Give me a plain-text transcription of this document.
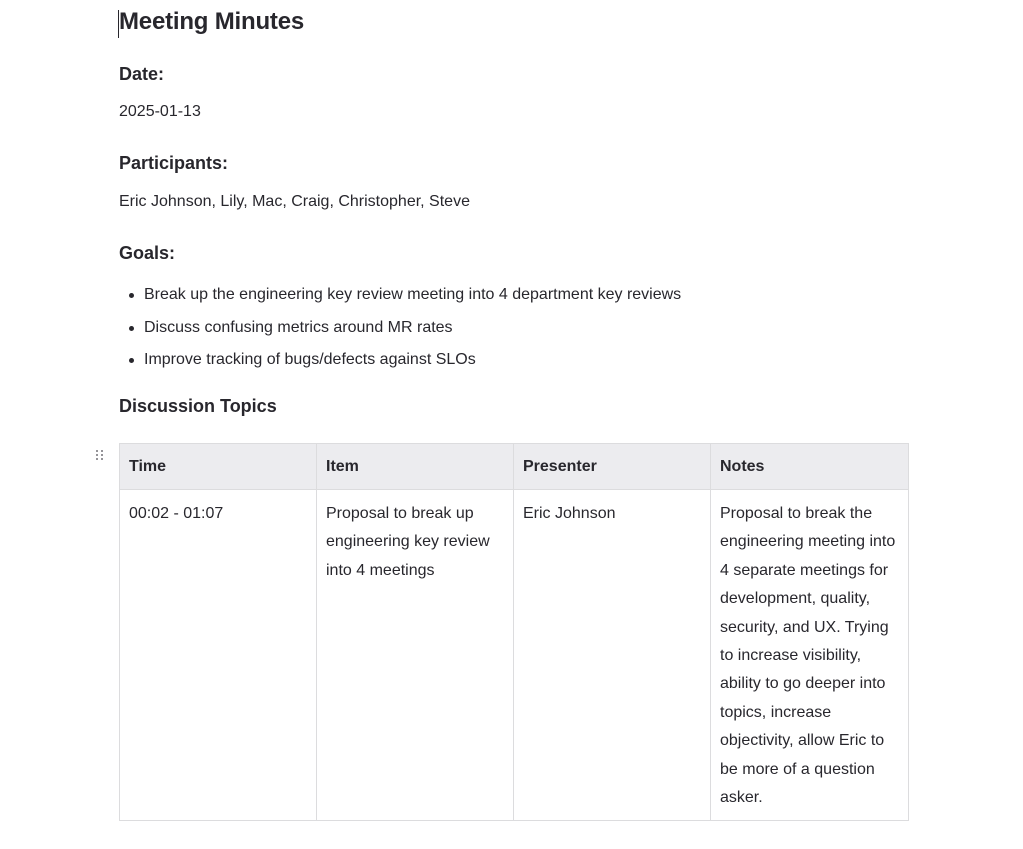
Meeting Minutes
Date:

2025-01-13

Participants:

Eric Johnson, Lily, Mac, Craig, Christopher, Steve

Goals:
Break up the engineering key review meeting into 4 department key reviews
Discuss confusing metrics around MR rates
Improve tracking of bugs/defects against SLOs
Discussion Topics
Time	Item	Presenter	Notes
00:02 - 01:07	Proposal to break up engineering key review into 4 meetings	Eric Johnson	Proposal to break the engineering meeting into 4 separate meetings for development, quality, security, and UX. Trying to increase visibility, ability to go deeper into topics, increase objectivity, allow Eric to be more of a question asker.
